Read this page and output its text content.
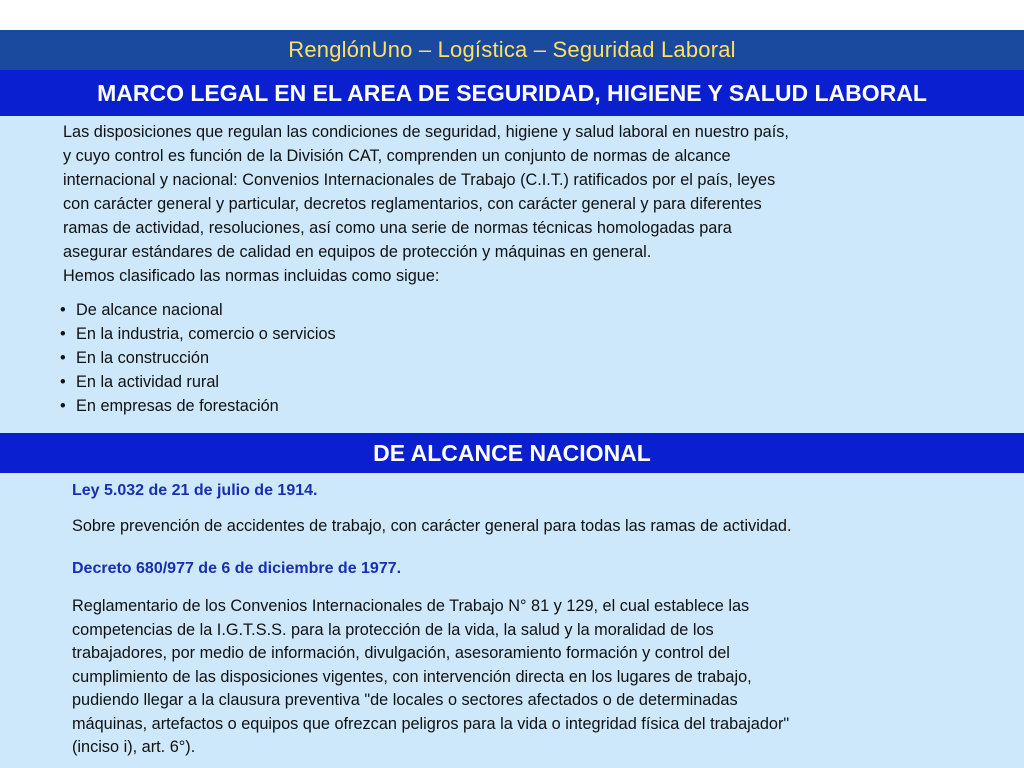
RenglónUno – Logística – Seguridad Laboral
MARCO LEGAL EN EL AREA DE SEGURIDAD, HIGIENE Y SALUD LABORAL
Las disposiciones que regulan las condiciones de seguridad, higiene y salud laboral en nuestro país,
y cuyo control es función de la División CAT, comprenden un conjunto de normas de alcance
internacional y nacional: Convenios Internacionales de Trabajo (C.I.T.) ratificados por el país, leyes
con carácter general y particular, decretos reglamentarios, con carácter general y para diferentes
ramas de actividad, resoluciones, así como una serie de normas técnicas homologadas para
asegurar estándares de calidad en equipos de protección y máquinas en general.
Hemos clasificado las normas incluidas como sigue:
• De alcance nacional
• En la industria, comercio o servicios
• En la construcción
• En la actividad rural
• En empresas de forestación
DE ALCANCE NACIONAL

Ley 5.032 de 21 de julio de 1914.

Sobre prevención de accidentes de trabajo, con carácter general para todas las ramas de actividad.

Decreto 680/977 de 6 de diciembre de 1977.

Reglamentario de los Convenios Internacionales de Trabajo N° 81 y 129, el cual establece las
competencias de la I.G.T.S.S. para la protección de la vida, la salud y la moralidad de los
trabajadores, por medio de información, divulgación, asesoramiento formación y control del
cumplimiento de las disposiciones vigentes, con intervención directa en los lugares de trabajo,
pudiendo llegar a la clausura preventiva "de locales o sectores afectados o de determinadas
máquinas, artefactos o equipos que ofrezcan peligros para la vida o integridad física del trabajador"
(inciso i), art. 6°).
